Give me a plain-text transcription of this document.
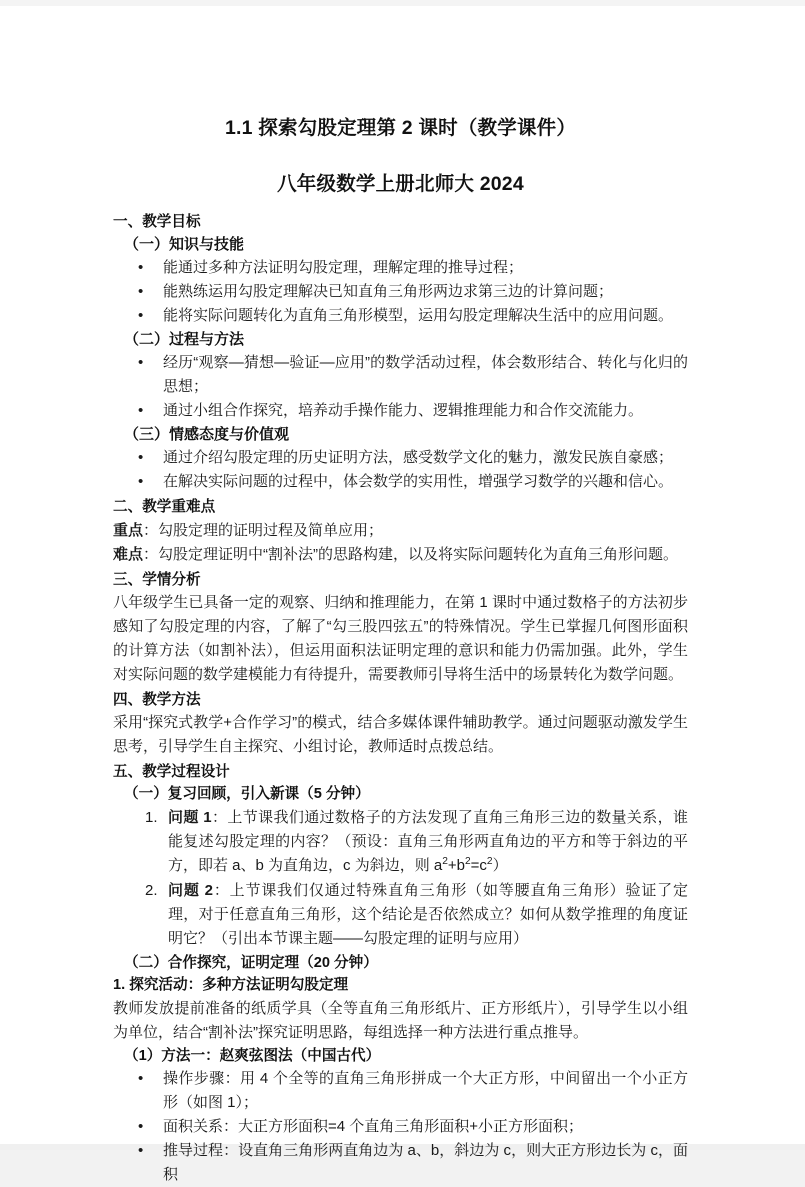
1.1 探索勾股定理第 2 课时（教学课件）
八年级数学上册北师大 2024
一、教学目标
（一）知识与技能
• 能通过多种方法证明勾股定理，理解定理的推导过程；
• 能熟练运用勾股定理解决已知直角三角形两边求第三边的计算问题；
• 能将实际问题转化为直角三角形模型，运用勾股定理解决生活中的应用问题。
（二）过程与方法
• 经历“观察—猜想—验证—应用”的数学活动过程，体会数形结合、转化与化归的思想；
• 通过小组合作探究，培养动手操作能力、逻辑推理能力和合作交流能力。
（三）情感态度与价值观
• 通过介绍勾股定理的历史证明方法，感受数学文化的魅力，激发民族自豪感；
• 在解决实际问题的过程中，体会数学的实用性，增强学习数学的兴趣和信心。
二、教学重难点

重点：勾股定理的证明过程及简单应用；

难点：勾股定理证明中“割补法”的思路构建，以及将实际问题转化为直角三角形问题。

三、学情分析

八年级学生已具备一定的观察、归纳和推理能力，在第 1 课时中通过数格子的方法初步感知了勾股定理的内容，了解了“勾三股四弦五”的特殊情况。学生已掌握几何图形面积的计算方法（如割补法），但运用面积法证明定理的意识和能力仍需加强。此外，学生对实际问题的数学建模能力有待提升，需要教师引导将生活中的场景转化为数学问题。

四、教学方法

采用“探究式教学+合作学习”的模式，结合多媒体课件辅助教学。通过问题驱动激发学生思考，引导学生自主探究、小组讨论，教师适时点拨总结。

五、教学过程设计
（一）复习回顾，引入新课（5 分钟）
1. 问题 1：上节课我们通过数格子的方法发现了直角三角形三边的数量关系，谁能复述勾股定理的内容？（预设：直角三角形两直角边的平方和等于斜边的平方，即若 a、b 为直角边，c 为斜边，则 $a^2+b^2=c^2$）
2. 问题 2：上节课我们仅通过特殊直角三角形（如等腰直角三角形）验证了定理，对于任意直角三角形，这个结论是否依然成立？如何从数学推理的角度证明它？（引出本节课主题——勾股定理的证明与应用）
（二）合作探究，证明定理（20 分钟）
1. 探究活动：多种方法证明勾股定理

教师发放提前准备的纸质学具（全等直角三角形纸片、正方形纸片），引导学生以小组为单位，结合“割补法”探究证明思路，每组选择一种方法进行重点推导。

（1）方法一：赵爽弦图法（中国古代）
• 操作步骤：用 4 个全等的直角三角形拼成一个大正方形，中间留出一个小正方形（如图 1）；
• 面积关系：大正方形面积=4 个直角三角形面积+小正方形面积；
• 推导过程：设直角三角形两直角边为 a、b，斜边为 c，则大正方形边长为 c，面积
